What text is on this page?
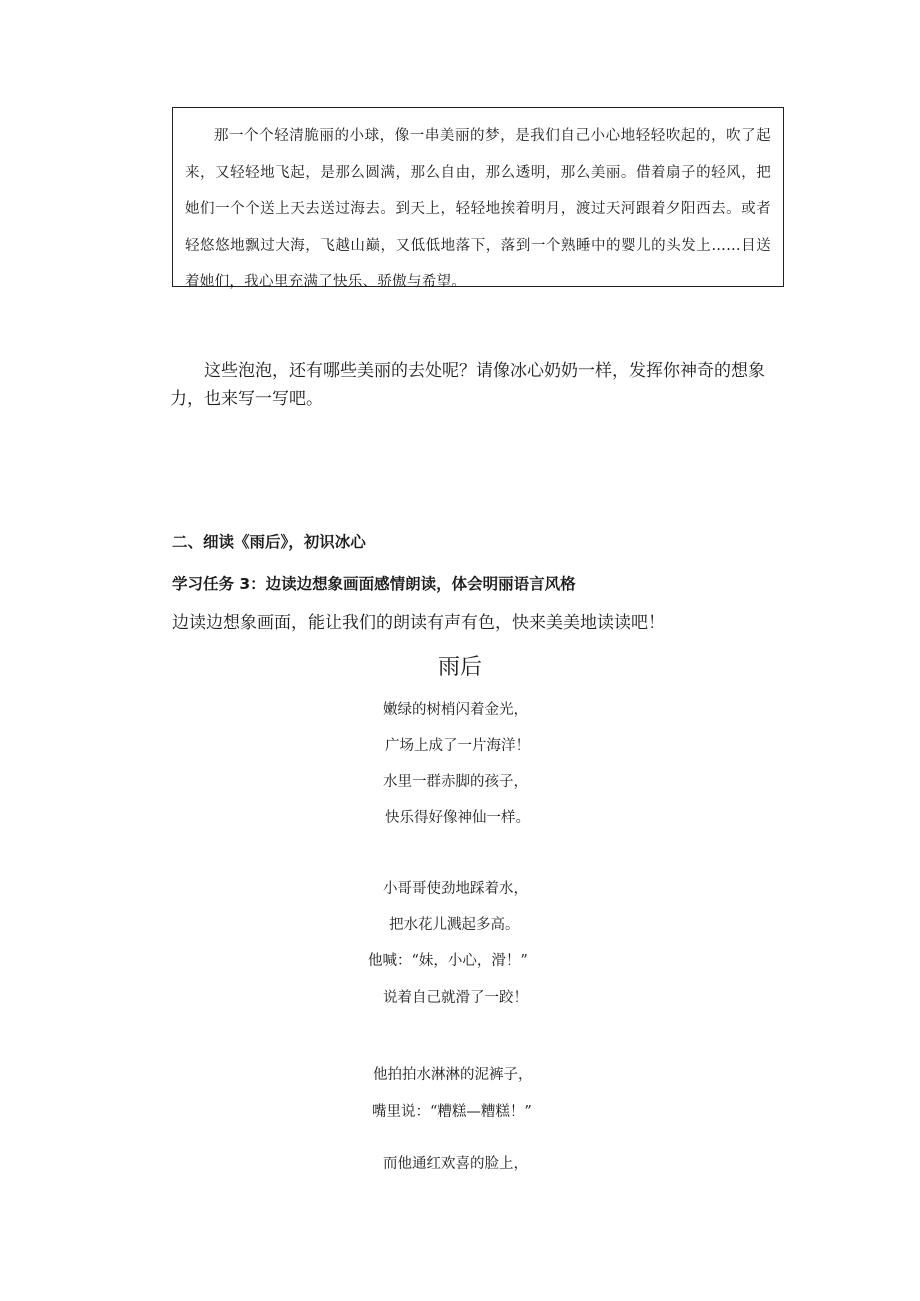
那一个个轻清脆丽的小球，像一串美丽的梦，是我们自己小心地轻轻吹起的，吹了起来，又轻轻地飞起，是那么圆满，那么自由，那么透明，那么美丽。借着扇子的轻风，把她们一个个送上天去送过海去。到天上，轻轻地挨着明月，渡过天河跟着夕阳西去。或者轻悠悠地飘过大海，飞越山巅，又低低地落下，落到一个熟睡中的婴儿的头发上……目送着她们，我心里充满了快乐、骄傲与希望。
这些泡泡，还有哪些美丽的去处呢？请像冰心奶奶一样，发挥你神奇的想象力，也来写一写吧。
二、细读《雨后》，初识冰心
学习任务 3：边读边想象画面感情朗读，体会明丽语言风格
边读边想象画面，能让我们的朗读有声有色，快来美美地读读吧！
雨后
嫩绿的树梢闪着金光，
广场上成了一片海洋！
水里一群赤脚的孩子，
快乐得好像神仙一样。
小哥哥使劲地踩着水，
把水花儿溅起多高。
他喊：“妹，小心，滑！”
说着自己就滑了一跤！
他拍拍水淋淋的泥裤子，
嘴里说：“糟糕—糟糕！”
而他通红欢喜的脸上，
